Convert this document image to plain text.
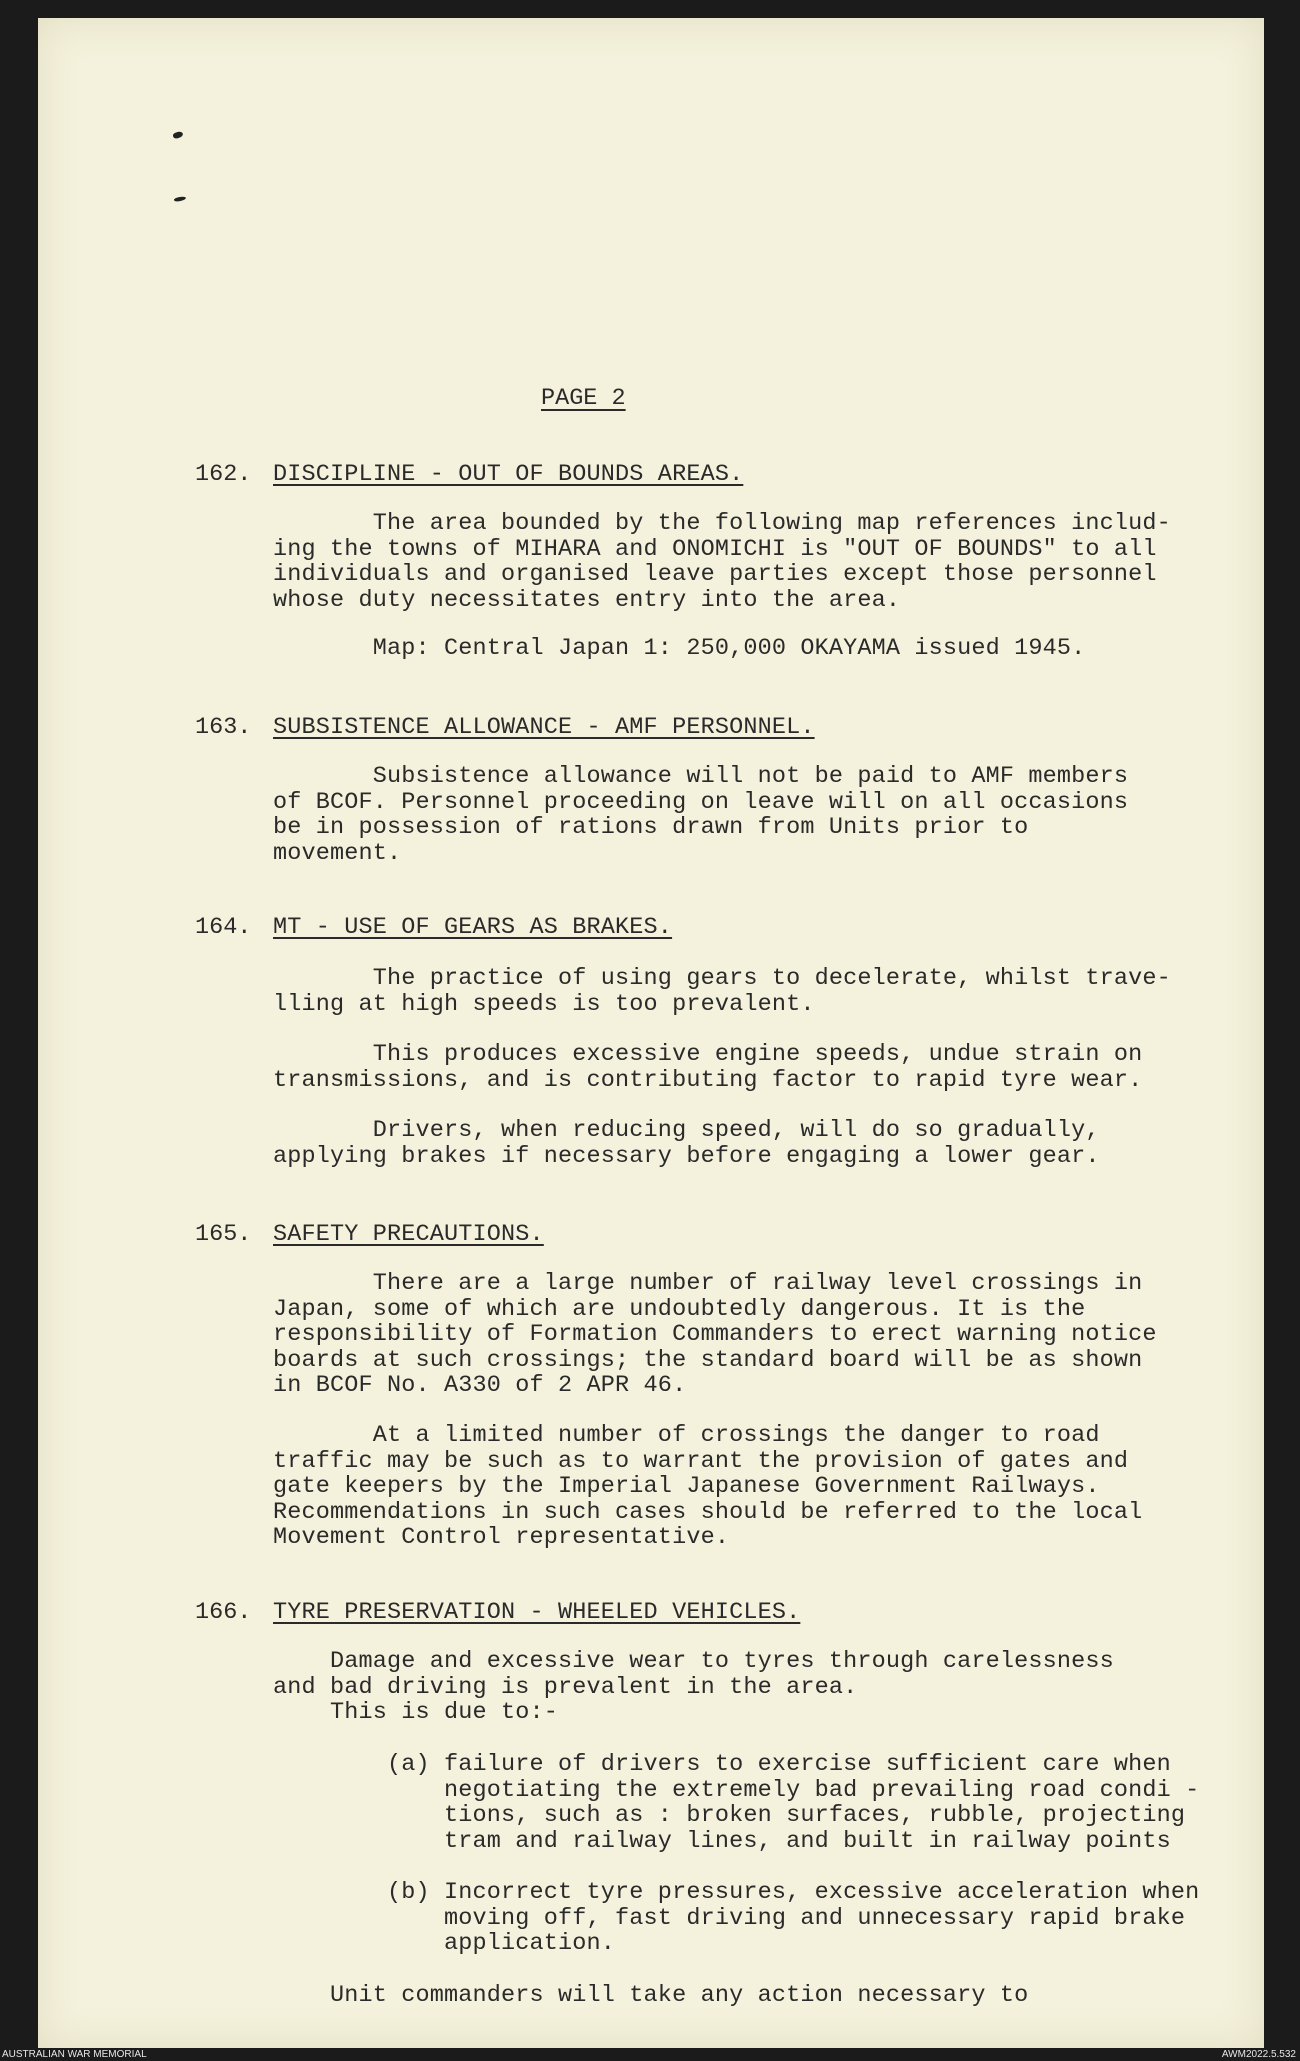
PAGE 2
162. DISCIPLINE - OUT OF BOUNDS AREAS.
The area bounded by the following map references includ-
ing the towns of MIHARA and ONOMICHI is "OUT OF BOUNDS" to all
individuals and organised leave parties except those personnel
whose duty necessitates entry into the area.
Map: Central Japan 1: 250,000 OKAYAMA issued 1945.
163. SUBSISTENCE ALLOWANCE - AMF PERSONNEL.
Subsistence allowance will not be paid to AMF members
of BCOF. Personnel proceeding on leave will on all occasions
be in possession of rations drawn from Units prior to
movement.
164. MT - USE OF GEARS AS BRAKES.
The practice of using gears to decelerate, whilst trave-
lling at high speeds is too prevalent.
This produces excessive engine speeds, undue strain on
transmissions, and is contributing factor to rapid tyre wear.
Drivers, when reducing speed, will do so gradually,
applying brakes if necessary before engaging a lower gear.
165. SAFETY PRECAUTIONS.
There are a large number of railway level crossings in
Japan, some of which are undoubtedly dangerous. It is the
responsibility of Formation Commanders to erect warning notice
boards at such crossings; the standard board will be as shown
in BCOF No. A330 of 2 APR 46.
At a limited number of crossings the danger to road
traffic may be such as to warrant the provision of gates and
gate keepers by the Imperial Japanese Government Railways.
Recommendations in such cases should be referred to the local
Movement Control representative.
166. TYRE PRESERVATION - WHEELED VEHICLES.
Damage and excessive wear to tyres through carelessness
and bad driving is prevalent in the area.
This is due to:-
(a) failure of drivers to exercise sufficient care when
negotiating the extremely bad prevailing road condi -
tions, such as : broken surfaces, rubble, projecting
tram and railway lines, and built in railway points
(b) Incorrect tyre pressures, excessive acceleration when
moving off, fast driving and unnecessary rapid brake
application.
Unit commanders will take any action necessary to
AUSTRALIAN WAR MEMORIAL	AWM2022.5.532
